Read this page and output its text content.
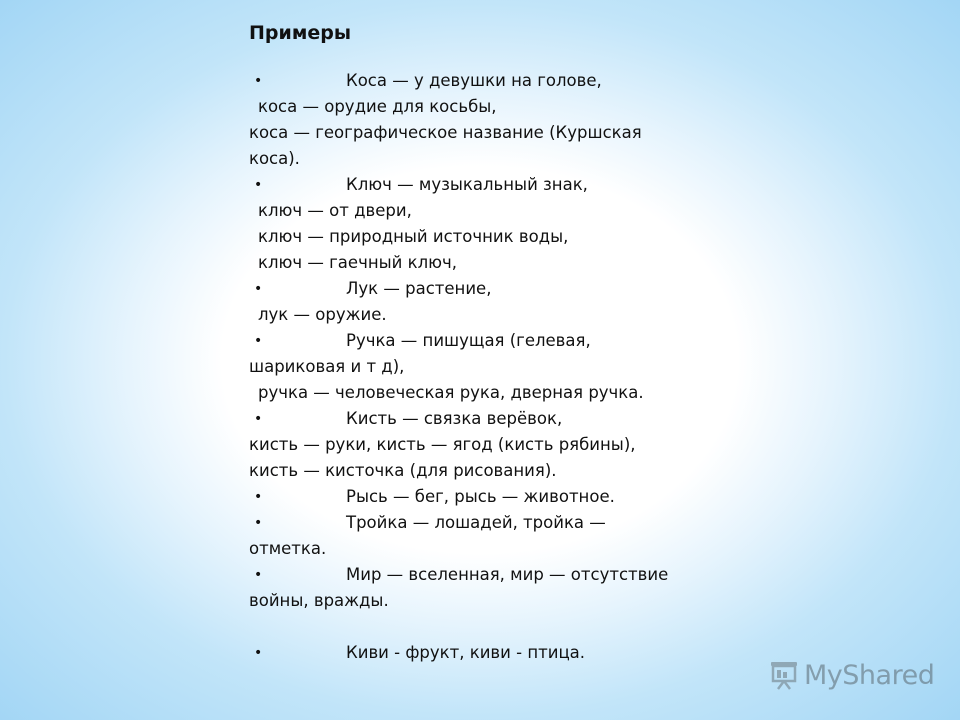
Примеры
•	Коса — у девушки на голове,
коса — орудие для косьбы,
коса — географическое название (Куршская
коса).
•	Ключ — музыкальный знак,
ключ — от двери,
ключ — природный источник воды,
ключ — гаечный ключ,
•	Лук — растение,
лук — оружие.
•	Ручка — пишущая (гелевая,
шариковая и т д),
ручка — человеческая рука, дверная ручка.
•	Кисть — связка верёвок,
кисть — руки, кисть — ягод (кисть рябины),
кисть — кисточка (для рисования).
•	Рысь — бег, рысь — животное.
•	Тройка — лошадей, тройка —
отметка.
•	Мир — вселенная, мир — отсутствие
войны, вражды.
•	Киви - фрукт, киви - птица.
MyShared
